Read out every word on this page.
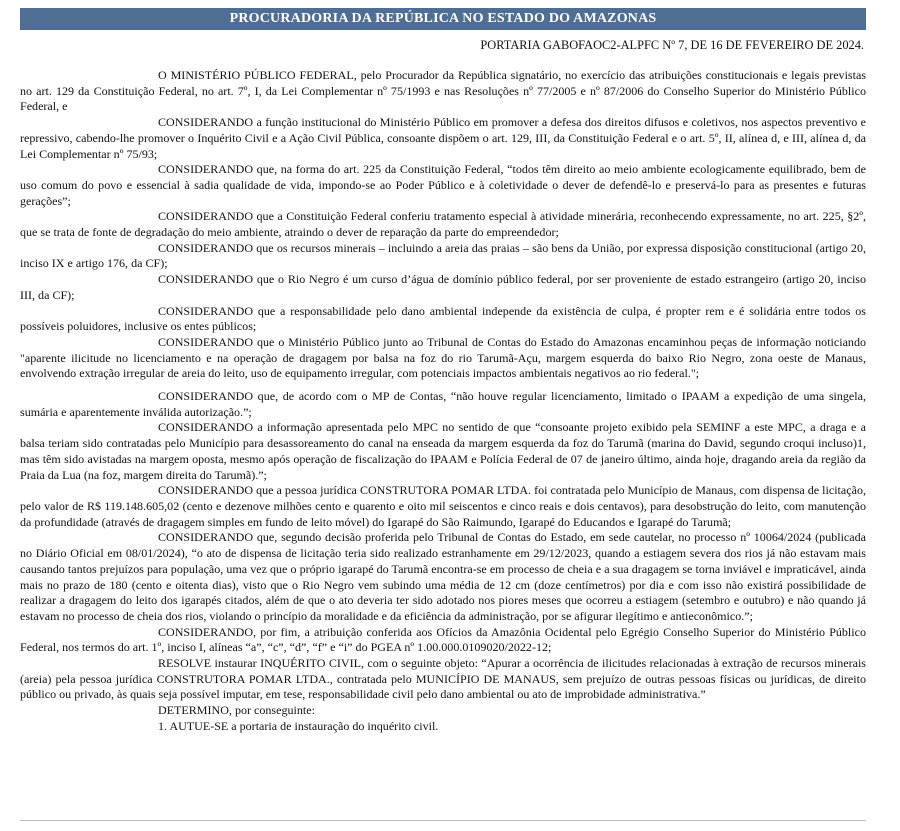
PROCURADORIA DA REPÚBLICA NO ESTADO DO AMAZONAS
PORTARIA GABOFAOC2-ALPFC Nº 7, DE 16 DE FEVEREIRO DE 2024.

O MINISTÉRIO PÚBLICO FEDERAL, pelo Procurador da República signatário, no exercício das atribuições constitucionais e legais previstas no art. 129 da Constituição Federal, no art. 7º, I, da Lei Complementar nº 75/1993 e nas Resoluções nº 77/2005 e nº 87/2006 do Conselho Superior do Ministério Público Federal, e

CONSIDERANDO a função institucional do Ministério Público em promover a defesa dos direitos difusos e coletivos, nos aspectos preventivo e repressivo, cabendo-lhe promover o Inquérito Civil e a Ação Civil Pública, consoante dispõem o art. 129, III, da Constituição Federal e o art. 5º, II, alínea d, e III, alínea d, da Lei Complementar nº 75/93;

CONSIDERANDO que, na forma do art. 225 da Constituição Federal, “todos têm direito ao meio ambiente ecologicamente equilibrado, bem de uso comum do povo e essencial à sadia qualidade de vida, impondo-se ao Poder Público e à coletividade o dever de defendê-lo e preservá-lo para as presentes e futuras gerações”;

CONSIDERANDO que a Constituição Federal conferiu tratamento especial à atividade minerária, reconhecendo expressamente, no art. 225, §2º, que se trata de fonte de degradação do meio ambiente, atraindo o dever de reparação da parte do empreendedor;

CONSIDERANDO que os recursos minerais – incluindo a areia das praias – são bens da União, por expressa disposição constitucional (artigo 20, inciso IX e artigo 176, da CF);

CONSIDERANDO que o Rio Negro é um curso d’água de domínio público federal, por ser proveniente de estado estrangeiro (artigo 20, inciso III, da CF);

CONSIDERANDO que a responsabilidade pelo dano ambiental independe da existência de culpa, é propter rem e é solidária entre todos os possíveis poluidores, inclusive os entes públicos;

CONSIDERANDO que o Ministério Público junto ao Tribunal de Contas do Estado do Amazonas encaminhou peças de informação noticiando "aparente ilicitude no licenciamento e na operação de dragagem por balsa na foz do rio Tarumã-Açu, margem esquerda do baixo Rio Negro, zona oeste de Manaus, envolvendo extração irregular de areia do leito, uso de equipamento irregular, com potenciais impactos ambientais negativos ao rio federal.";

CONSIDERANDO que, de acordo com o MP de Contas, “não houve regular licenciamento, limitado o IPAAM a expedição de uma singela, sumária e aparentemente inválida autorização.”;

CONSIDERANDO a informação apresentada pelo MPC no sentido de que “consoante projeto exibido pela SEMINF a este MPC, a draga e a balsa teriam sido contratadas pelo Município para desassoreamento do canal na enseada da margem esquerda da foz do Tarumã (marina do David, segundo croqui incluso)1, mas têm sido avistadas na margem oposta, mesmo após operação de fiscalização do IPAAM e Polícia Federal de 07 de janeiro último, ainda hoje, dragando areia da região da Praia da Lua (na foz, margem direita do Tarumã).”;

CONSIDERANDO que a pessoa jurídica CONSTRUTORA POMAR LTDA. foi contratada pelo Município de Manaus, com dispensa de licitação, pelo valor de R$ 119.148.605,02 (cento e dezenove milhões cento e quarento e oito mil seiscentos e cinco reais e dois centavos), para desobstrução do leito, com manutenção da profundidade (através de dragagem simples em fundo de leito móvel) do Igarapé do São Raimundo, Igarapé do Educandos e Igarapé do Tarumã;

CONSIDERANDO que, segundo decisão proferida pelo Tribunal de Contas do Estado, em sede cautelar, no processo nº 10064/2024 (publicada no Diário Oficial em 08/01/2024), “o ato de dispensa de licitação teria sido realizado estranhamente em 29/12/2023, quando a estiagem severa dos rios já não estavam mais causando tantos prejuízos para população, uma vez que o próprio igarapé do Tarumã encontra-se em processo de cheia e a sua dragagem se torna inviável e impraticável, ainda mais no prazo de 180 (cento e oitenta dias), visto que o Rio Negro vem subindo uma média de 12 cm (doze centímetros) por dia e com isso não existirá possibilidade de realizar a dragagem do leito dos igarapés citados, além de que o ato deveria ter sido adotado nos piores meses que ocorreu a estiagem (setembro e outubro) e não quando já estavam no processo de cheia dos rios, violando o princípio da moralidade e da eficiência da administração, por se afigurar ilegítimo e antieconômico.”;

CONSIDERANDO, por fim, a atribuição conferida aos Ofícios da Amazônia Ocidental pelo Egrégio Conselho Superior do Ministério Público Federal, nos termos do art. 1º, inciso I, alíneas “a”, “c”, “d”, “f” e “i” do PGEA nº 1.00.000.0109020/2022-12;

RESOLVE instaurar INQUÉRITO CIVIL, com o seguinte objeto: “Apurar a ocorrência de ilicitudes relacionadas à extração de recursos minerais (areia) pela pessoa jurídica CONSTRUTORA POMAR LTDA., contratada pelo MUNICÍPIO DE MANAUS, sem prejuízo de outras pessoas físicas ou jurídicas, de direito público ou privado, às quais seja possível imputar, em tese, responsabilidade civil pelo dano ambiental ou ato de improbidade administrativa.”

DETERMINO, por conseguinte:

1. AUTUE-SE a portaria de instauração do inquérito civil.
